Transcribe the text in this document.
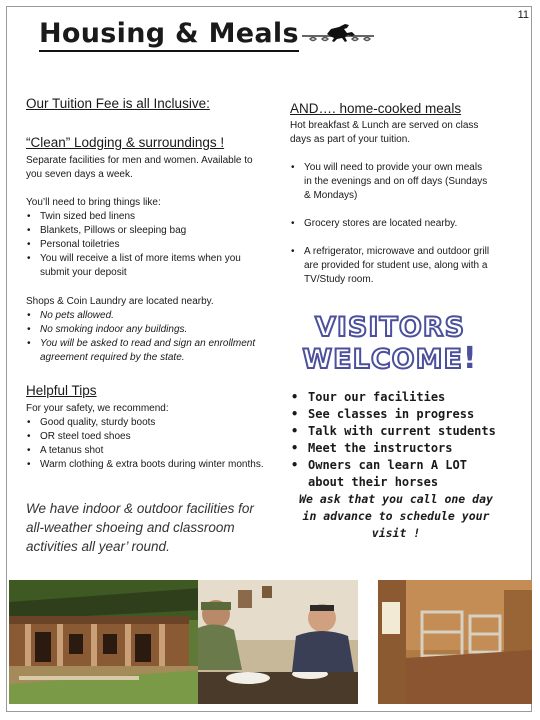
11
Housing & Meals

Our Tuition Fee is all Inclusive:

“Clean” Lodging & surroundings !

Separate facilities for men and women. Available to you seven days a week.
You’ll need to bring things like:
• Twin sized bed linens
• Blankets, Pillows or sleeping bag
• Personal toiletries
• You will receive a list of more items when you submit your deposit
Shops & Coin Laundry are located nearby.
• No pets allowed.
• No smoking indoor any buildings.
• You will be asked to read and sign an enrollment agreement required by the state.

Helpful Tips

For your safety, we recommend:
• Good quality, sturdy boots
• OR steel toed shoes
• A tetanus shot
• Warm clothing & extra boots during winter months.
We have indoor & outdoor facilities for all-weather shoeing and classroom activities all year’ round.

AND…. home-cooked meals

Hot breakfast & Lunch are served on class days as part of your tuition.
• You will need to provide your own meals in the evenings and on off days (Sundays & Mondays)
• Grocery stores are located nearby.
• A refrigerator, microwave and outdoor grill are provided for student use, along with a TV/Study room.
VISITORS
WELCOME!
• Tour our facilities
• See classes in progress
• Talk with current students
• Meet the instructors
• Owners can learn A LOT about their horses
We ask that you call one day in advance to schedule your visit !
